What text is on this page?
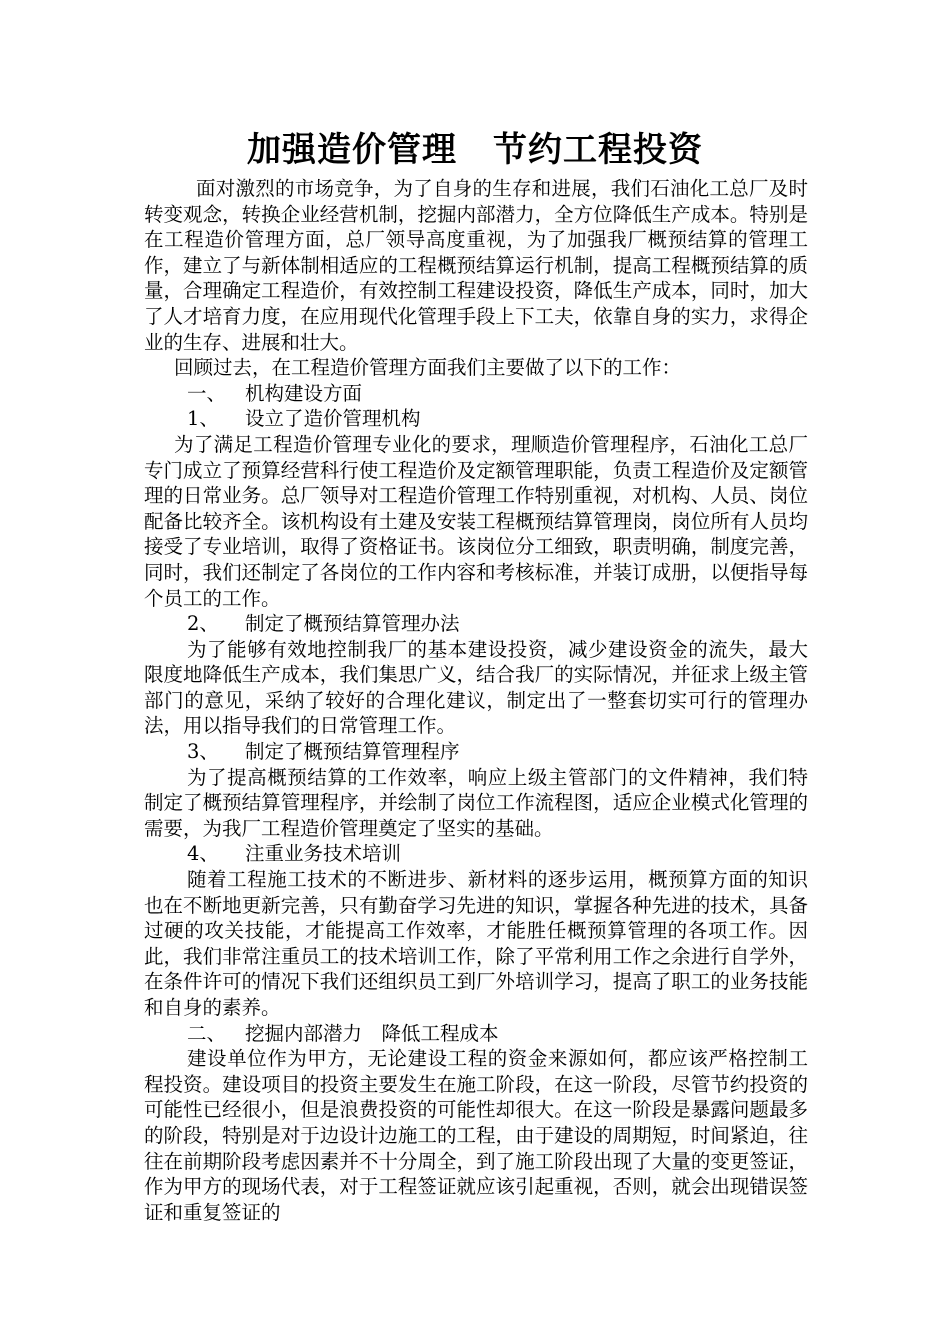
加强造价管理 节约工程投资

面对激烈的市场竞争，为了自身的生存和进展，我们石油化工总厂及时转变观念，转换企业经营机制，挖掘内部潜力，全方位降低生产成本。特别是在工程造价管理方面，总厂领导高度重视，为了加强我厂概预结算的管理工作，建立了与新体制相适应的工程概预结算运行机制，提高工程概预结算的质量，合理确定工程造价，有效控制工程建设投资，降低生产成本，同时，加大了人才培育力度，在应用现代化管理手段上下工夫，依靠自身的实力，求得企业的生存、进展和壮大。

回顾过去，在工程造价管理方面我们主要做了以下的工作：

一、 机构建设方面

1、 设立了造价管理机构

为了满足工程造价管理专业化的要求，理顺造价管理程序，石油化工总厂专门成立了预算经营科行使工程造价及定额管理职能，负责工程造价及定额管理的日常业务。总厂领导对工程造价管理工作特别重视，对机构、人员、岗位配备比较齐全。该机构设有土建及安装工程概预结算管理岗，岗位所有人员均接受了专业培训，取得了资格证书。该岗位分工细致，职责明确，制度完善，同时，我们还制定了各岗位的工作内容和考核标准，并装订成册，以便指导每个员工的工作。

2、 制定了概预结算管理办法

为了能够有效地控制我厂的基本建设投资，减少建设资金的流失，最大限度地降低生产成本，我们集思广义，结合我厂的实际情况，并征求上级主管部门的意见，采纳了较好的合理化建议，制定出了一整套切实可行的管理办法，用以指导我们的日常管理工作。

3、 制定了概预结算管理程序

为了提高概预结算的工作效率，响应上级主管部门的文件精神，我们特制定了概预结算管理程序，并绘制了岗位工作流程图，适应企业模式化管理的需要，为我厂工程造价管理奠定了坚实的基础。

4、 注重业务技术培训

随着工程施工技术的不断进步、新材料的逐步运用，概预算方面的知识也在不断地更新完善，只有勤奋学习先进的知识，掌握各种先进的技术，具备过硬的攻关技能，才能提高工作效率，才能胜任概预算管理的各项工作。因此，我们非常注重员工的技术培训工作，除了平常利用工作之余进行自学外，在条件许可的情况下我们还组织员工到厂外培训学习，提高了职工的业务技能和自身的素养。

二、 挖掘内部潜力　降低工程成本

建设单位作为甲方，无论建设工程的资金来源如何，都应该严格控制工程投资。建设项目的投资主要发生在施工阶段，在这一阶段，尽管节约投资的可能性已经很小，但是浪费投资的可能性却很大。在这一阶段是暴露问题最多的阶段，特别是对于边设计边施工的工程，由于建设的周期短，时间紧迫，往往在前期阶段考虑因素并不十分周全，到了施工阶段出现了大量的变更签证，作为甲方的现场代表，对于工程签证就应该引起重视，否则，就会出现错误签证和重复签证的
